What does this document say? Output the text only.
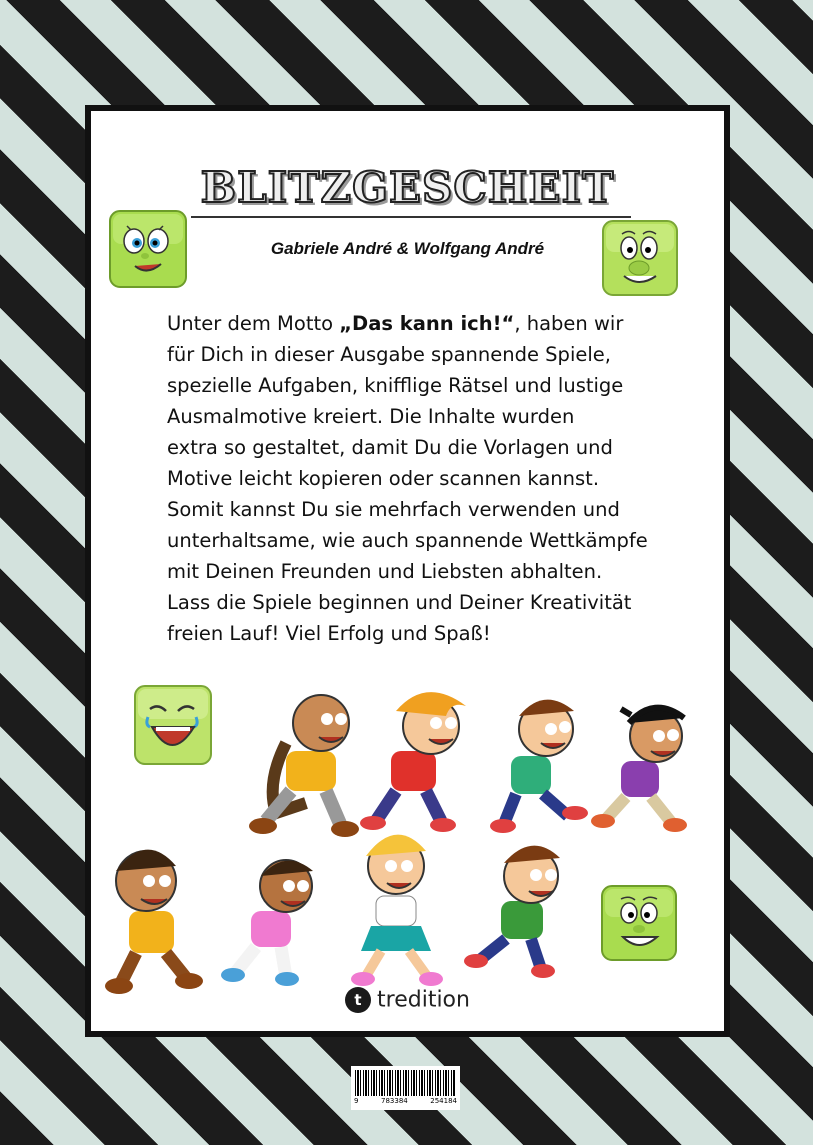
BLITZGESCHEIT
Gabriele André & Wolfgang André

Unter dem Motto „Das kann ich!“, haben wir

für Dich in dieser Ausgabe spannende Spiele,

spezielle Aufgaben, knifflige Rätsel und lustige

Ausmalmotive kreiert. Die Inhalte wurden

extra so gestaltet, damit Du die Vorlagen und

Motive leicht kopieren oder scannen kannst.

Somit kannst Du sie mehrfach verwenden und

unterhaltsame, wie auch spannende Wettkämpfe

mit Deinen Freunden und Liebsten abhalten.

Lass die Spiele beginnen und Deiner Kreativität

freien Lauf! Viel Erfolg und Spaß!

t tredition
9	783384	254184
